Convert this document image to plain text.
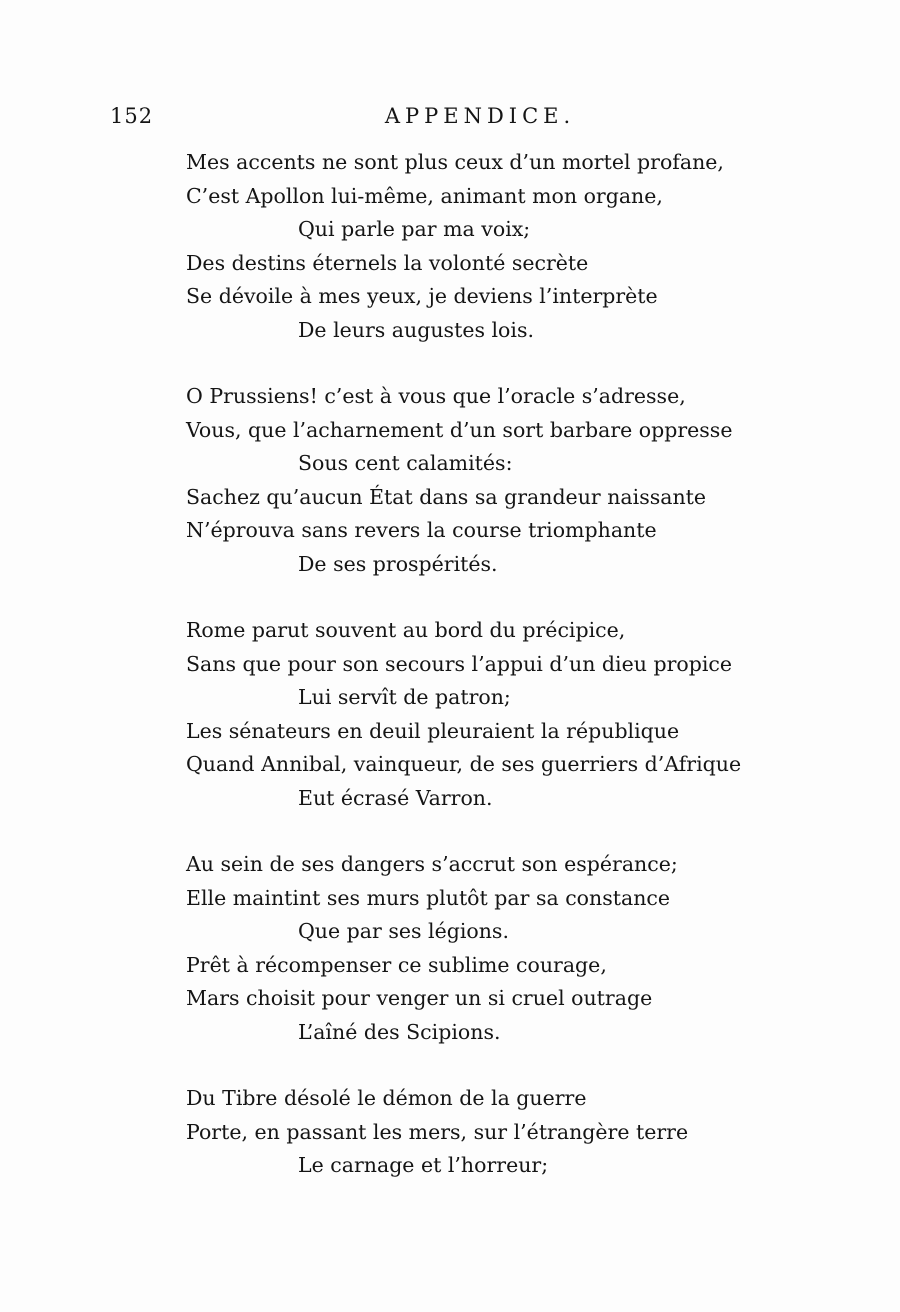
152	APPENDICE.
Mes accents ne sont plus ceux d’un mortel profane,
C’est Apollon lui-même, animant mon organe,
Qui parle par ma voix;
Des destins éternels la volonté secrète
Se dévoile à mes yeux, je deviens l’interprète
De leurs augustes lois.
O Prussiens! c’est à vous que l’oracle s’adresse,
Vous, que l’acharnement d’un sort barbare oppresse
Sous cent calamités:
Sachez qu’aucun État dans sa grandeur naissante
N’éprouva sans revers la course triomphante
De ses prospérités.
Rome parut souvent au bord du précipice,
Sans que pour son secours l’appui d’un dieu propice
Lui servît de patron;
Les sénateurs en deuil pleuraient la république
Quand Annibal, vainqueur, de ses guerriers d’Afrique
Eut écrasé Varron.
Au sein de ses dangers s’accrut son espérance;
Elle maintint ses murs plutôt par sa constance
Que par ses légions.
Prêt à récompenser ce sublime courage,
Mars choisit pour venger un si cruel outrage
L’aîné des Scipions.
Du Tibre désolé le démon de la guerre
Porte, en passant les mers, sur l’étrangère terre
Le carnage et l’horreur;
